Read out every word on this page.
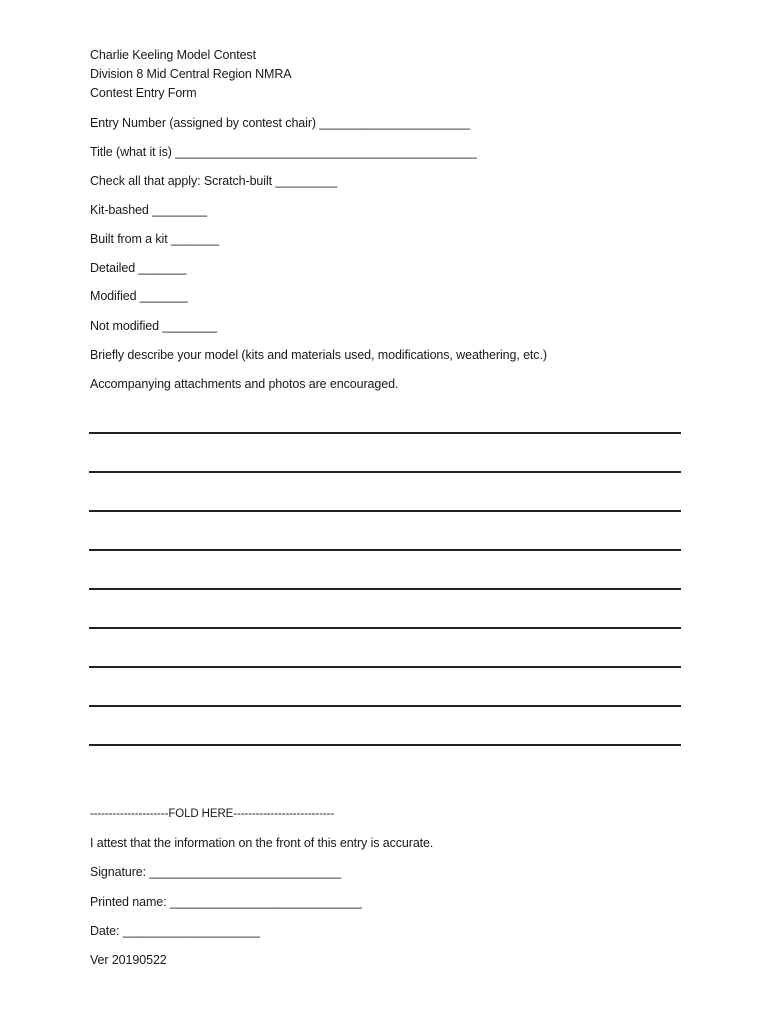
Charlie Keeling Model Contest
Division 8 Mid Central Region NMRA
Contest Entry Form
Entry Number (assigned by contest chair) ______________________
Title (what it is) ____________________________________________
Check all that apply: Scratch-built _________
Kit-bashed ________
Built from a kit _______
Detailed _______
Modified _______
Not modified ________
Briefly describe your model (kits and materials used, modifications, weathering, etc.)
Accompanying attachments and photos are encouraged.
---------------------FOLD HERE---------------------------
I attest that the information on the front of this entry is accurate.
Signature: ____________________________
Printed name: ____________________________
Date: ____________________
Ver 20190522
